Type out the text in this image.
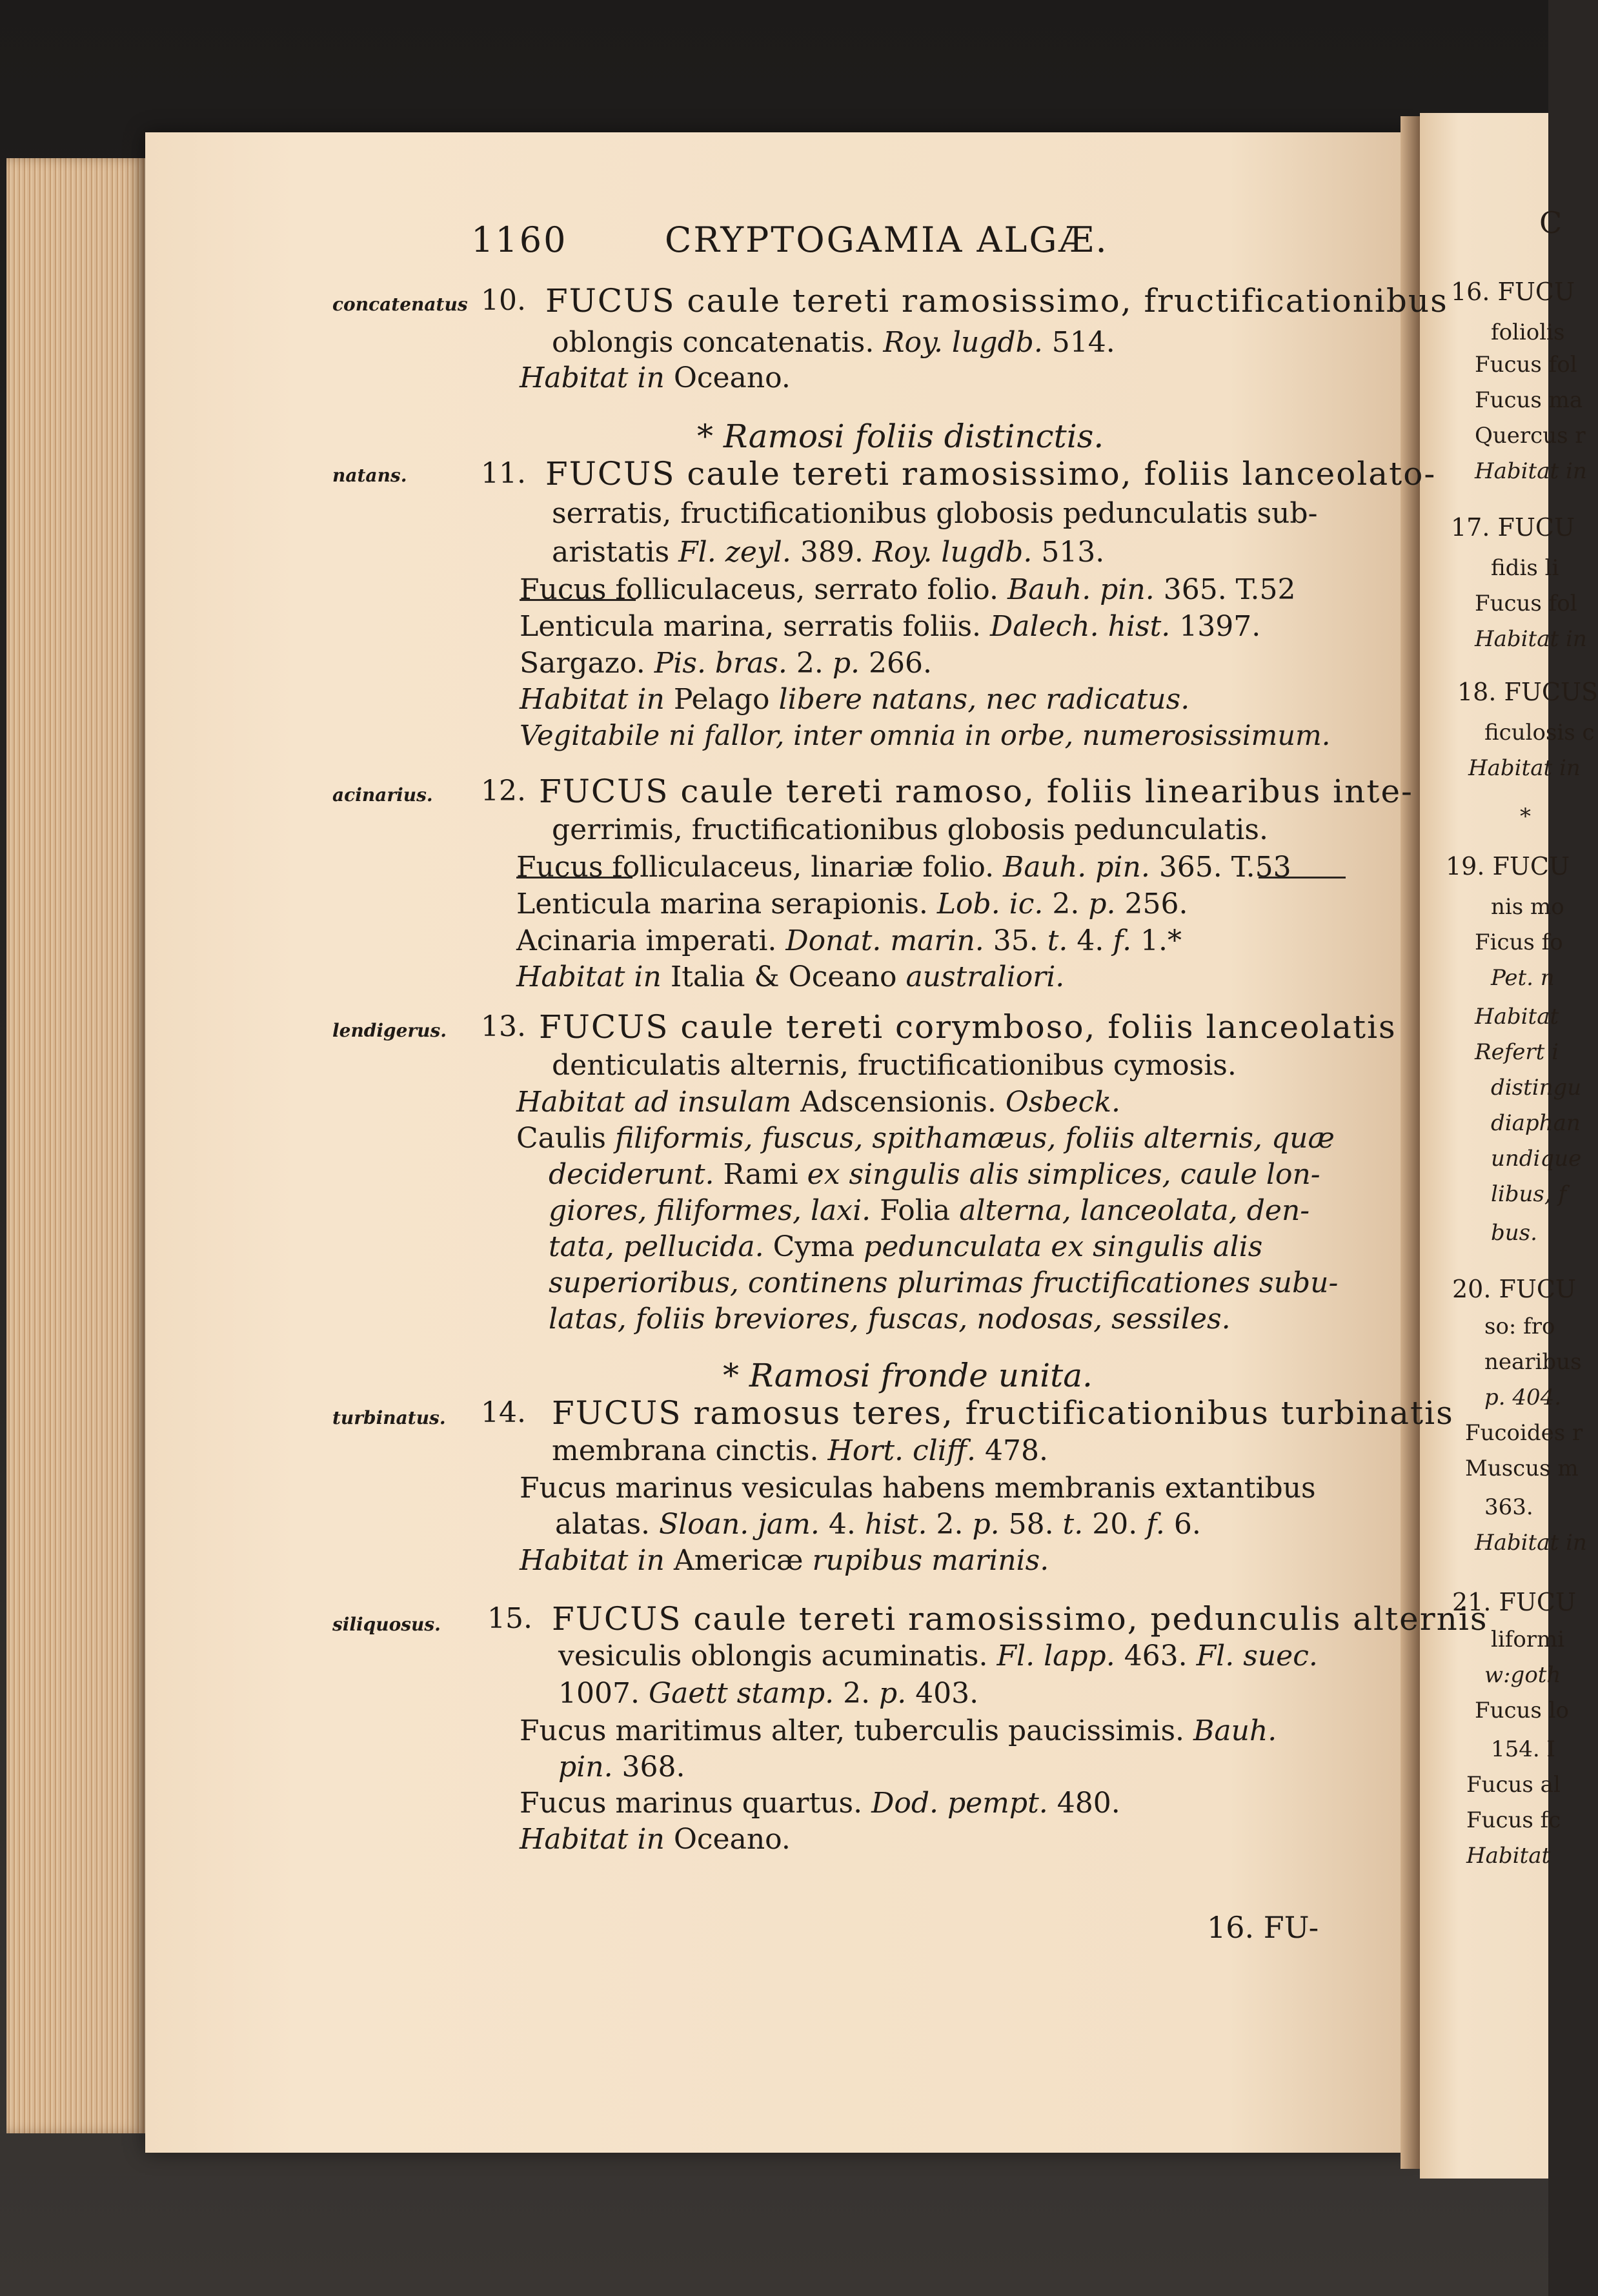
1160	CRYPTOGAMIA ALGÆ.
concatenatus 10. FUCUS caule tereti ramosissimo, fructificationibus
oblongis concatenatis. Roy. lugdb. 514.
Habitat in Oceano.
* Ramosi foliis distinctis.
natans.	11. FUCUS caule tereti ramosissimo, foliis lanceolato-
serratis, fructificationibus globosis pedunculatis sub-
aristatis Fl. zeyl. 389. Roy. lugdb. 513.
Fucus folliculaceus, serrato folio. Bauh. pin. 365. T.52
Lenticula marina, serratis foliis. Dalech. hist. 1397.
Sargazo. Pis. bras. 2. p. 266.
Habitat in Pelago libere natans, nec radicatus.
Vegitabile ni fallor, inter omnia in orbe, numerosissimum.
acinarius. 12. FUCUS caule tereti ramoso, foliis linearibus inte-
gerrimis, fructificationibus globosis pedunculatis.
Fucus folliculaceus, linariæ folio. Bauh. pin. 365. T.53
Lenticula marina serapionis. Lob. ic. 2. p. 256.
Acinaria imperati. Donat. marin. 35. t. 4. f. 1.*
Habitat in Italia & Oceano australiori.
lendigerus. 13. FUCUS caule tereti corymboso, foliis lanceolatis
denticulatis alternis, fructificationibus cymosis.
Habitat ad insulam Adscensionis. Osbeck.
Caulis filiformis, fuscus, spithamæus, foliis alternis, quæ
deciderunt. Rami ex singulis alis simplices, caule lon-
giores, filiformes, laxi. Folia alterna, lanceolata, den-
tata, pellucida. Cyma pedunculata ex singulis alis
superioribus, continens plurimas fructificationes subu-
latas, foliis breviores, fuscas, nodosas, sessiles.
* Ramosi fronde unita.
turbinatus. 14. FUCUS ramosus teres, fructificationibus turbinatis
membrana cinctis. Hort. cliff. 478.
Fucus marinus vesiculas habens membranis extantibus
alatas. Sloan. jam. 4. hist. 2. p. 58. t. 20. f. 6.
Habitat in Americæ rupibus marinis.
siliquosus. 15. FUCUS caule tereti ramosissimo, pedunculis alternis
vesiculis oblongis acuminatis. Fl. lapp. 463. Fl. suec.
1007. Gaett stamp. 2. p. 403.
Fucus maritimus alter, tuberculis paucissimis. Bauh.
pin. 368.
Fucus marinus quartus. Dod. pempt. 480.
Habitat in Oceano.
16. FU-
C
16. FUCU
foliolis
Fucus fol
Fucus ma
Quercus r
Habitat in
17. FUCU
fidis li
Fucus fol
Habitat in
18. FUCUS
ficulosis c
Habitat in
*
19. FUCU
nis mo
Ficus fo
Pet. n
Habitat
Refert i
distingu
diaphan
undique
libus, f
bus.
20. FUCU
so: fro
nearibus
p. 404.
Fucoides r
Muscus m
363.
Habitat in
21. FUCU
liformi
w:goth
Fucus lo
154. I
Fucus al
Fucus fc
Habitat
